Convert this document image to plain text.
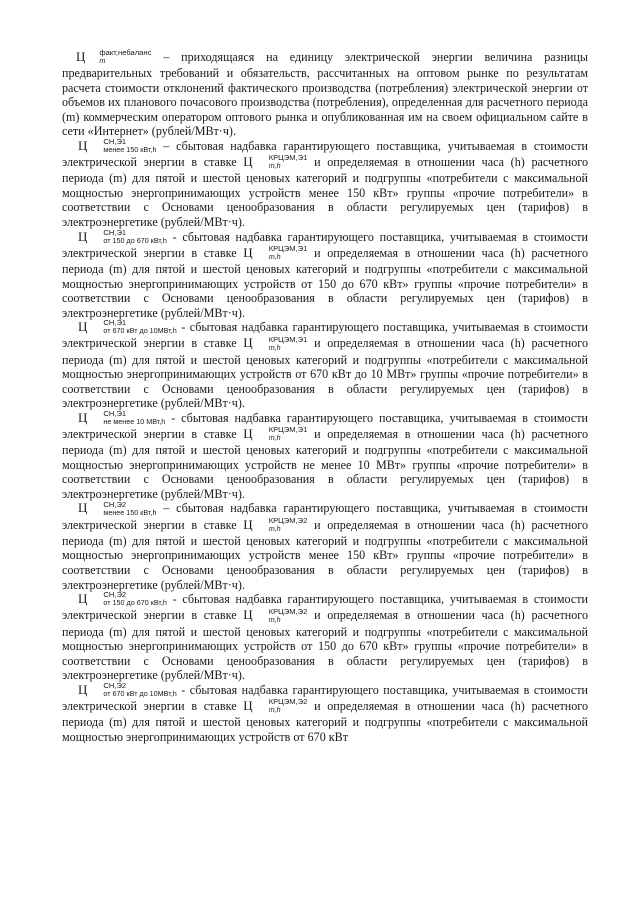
Ц	факт,небаланс
m	– приходящаяся на единицу электрической энергии величина разницы предварительных требований и обязательств, рассчитанных на оптовом рынке по результатам расчета стоимости отклонений фактического производства (потребления) электрической энергии от объемов их планового почасового производства (потребления), определенная для расчетного периода (m) коммерческим оператором оптового рынка и опубликованная им на своем официальном сайте в сети «Интернет» (рублей/МВт·ч).

Ц	СН,Э1
менее 150 кВт,h – сбытовая надбавка гарантирующего поставщика, учитываемая в стоимости электрической энергии в ставке Ц	КРЦЭМ,Э1
m,h	и определяемая в отношении часа (h) расчетного периода (m) для пятой и шестой ценовых категорий и подгруппы «потребители с максимальной мощностью энергопринимающих устройств менее 150 кВт» группы «прочие потребители» в соответствии с Основами ценообразования в области регулируемых цен (тарифов) в электроэнергетике (рублей/МВт·ч).

Ц	СН,Э1
от 150 до 670 кВт,h - сбытовая надбавка гарантирующего поставщика, учитываемая в стоимости электрической энергии в ставке Ц	КРЦЭМ,Э1
m,h	и определяемая в отношении часа (h) расчетного периода (m) для пятой и шестой ценовых категорий и подгруппы «потребители с максимальной мощностью энергопринимающих устройств от 150 до 670 кВт» группы «прочие потребители» в соответствии с Основами ценообразования в области регулируемых цен (тарифов) в электроэнергетике (рублей/МВт·ч).

Ц	СН,Э1
от 670 кВт до 10МВт,h - сбытовая надбавка гарантирующего поставщика, учитываемая в стоимости электрической энергии в ставке Ц	КРЦЭМ,Э1
m,h	и определяемая в отношении часа (h) расчетного периода (m) для пятой и шестой ценовых категорий и подгруппы «потребители с максимальной мощностью энергопринимающих устройств от 670 кВт до 10 МВт» группы «прочие потребители» в соответствии с Основами ценообразования в области регулируемых цен (тарифов) в электроэнергетике (рублей/МВт·ч).

Ц	СН,Э1
не менее 10 МВт,h - сбытовая надбавка гарантирующего поставщика, учитываемая в стоимости электрической энергии в ставке Ц	КРЦЭМ,Э1
m,h	и определяемая в отношении часа (h) расчетного периода (m) для пятой и шестой ценовых категорий и подгруппы «потребители с максимальной мощностью энергопринимающих устройств не менее 10 МВт» группы «прочие потребители» в соответствии с Основами ценообразования в области регулируемых цен (тарифов) в электроэнергетике (рублей/МВт·ч).

Ц	СН,Э2
менее 150 кВт,h – сбытовая надбавка гарантирующего поставщика, учитываемая в стоимости электрической энергии в ставке Ц	КРЦЭМ,Э2
m,h	и определяемая в отношении часа (h) расчетного периода (m) для пятой и шестой ценовых категорий и подгруппы «потребители с максимальной мощностью энергопринимающих устройств менее 150 кВт» группы «прочие потребители» в соответствии с Основами ценообразования в области регулируемых цен (тарифов) в электроэнергетике (рублей/МВт·ч).

Ц	СН,Э2
от 150 до 670 кВт,h - сбытовая надбавка гарантирующего поставщика, учитываемая в стоимости электрической энергии в ставке Ц	КРЦЭМ,Э2
m,h	и определяемая в отношении часа (h) расчетного периода (m) для пятой и шестой ценовых категорий и подгруппы «потребители с максимальной мощностью энергопринимающих устройств от 150 до 670 кВт» группы «прочие потребители» в соответствии с Основами ценообразования в области регулируемых цен (тарифов) в электроэнергетике (рублей/МВт·ч).

Ц	СН,Э2
от 670 кВт до 10МВт,h - сбытовая надбавка гарантирующего поставщика, учитываемая в стоимости электрической энергии в ставке Ц	КРЦЭМ,Э2
m,h	и определяемая в отношении часа (h) расчетного периода (m) для пятой и шестой ценовых категорий и подгруппы «потребители с максимальной мощностью энергопринимающих устройств от 670 кВт
